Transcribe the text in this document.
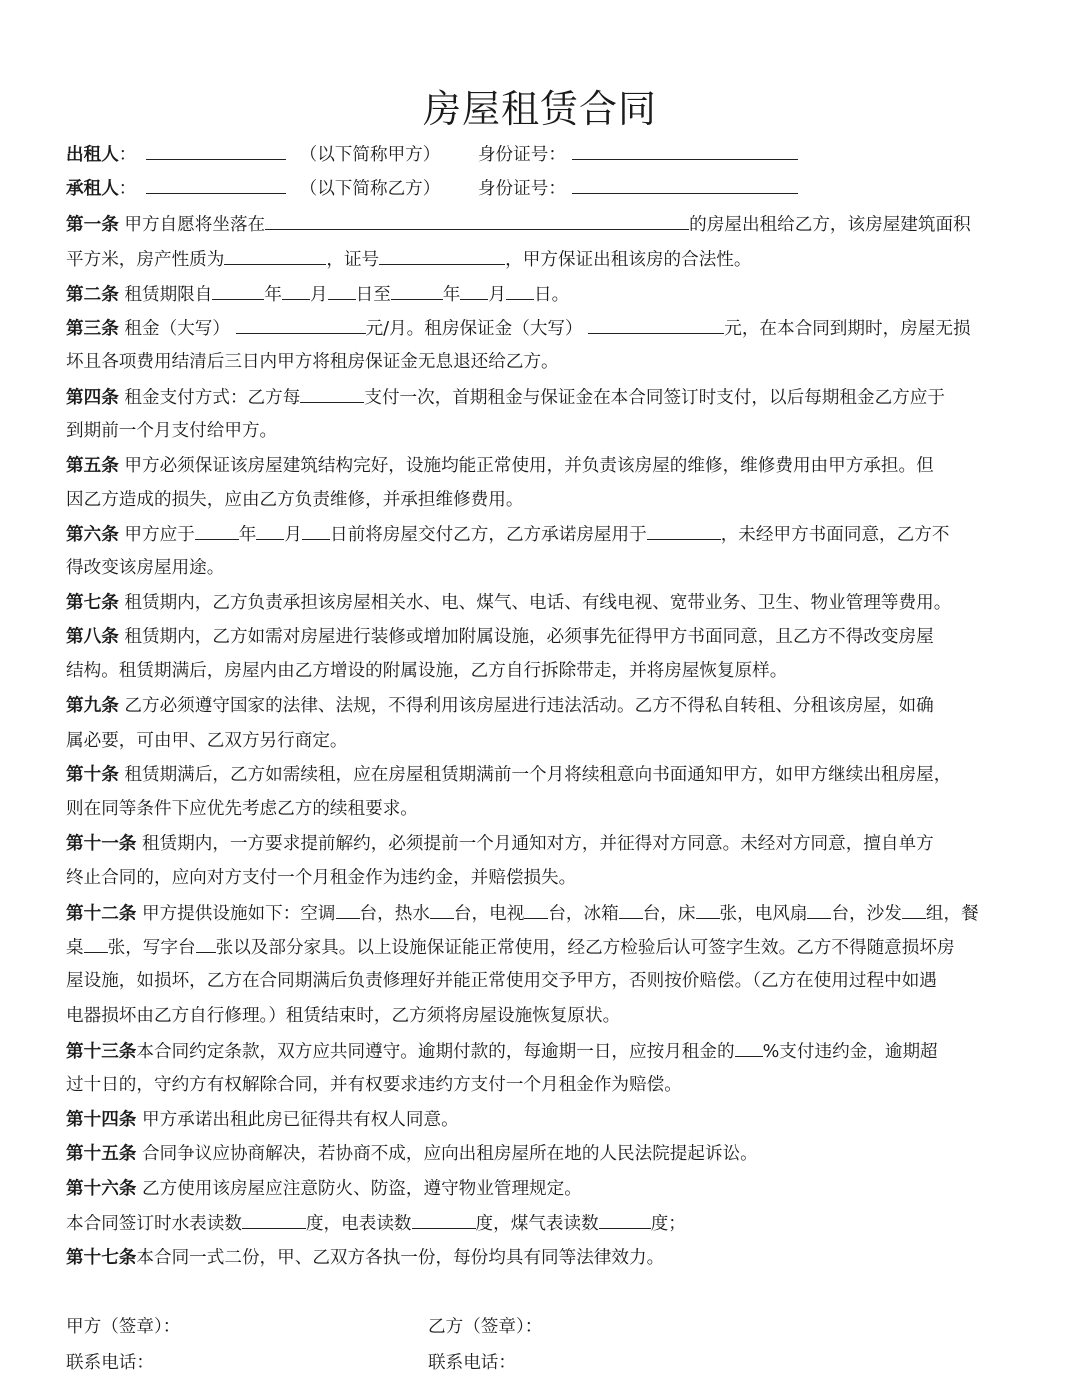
房屋租赁合同
出租人：	（以下简称甲方） 身份证号：
承租人：	（以下简称乙方） 身份证号：
第一条 甲方自愿将坐落在	的房屋出租给乙方，该房屋建筑面积
平方米，房产性质为	，证号	，甲方保证出租该房的合法性。
第二条 租赁期限自	年 月 日至	年 月 日。
第三条 租金（大写）	元/月。租房保证金（大写）	元，在本合同到期时，房屋无损
坏且各项费用结清后三日内甲方将租房保证金无息退还给乙方。
第四条 租金支付方式：乙方每	支付一次，首期租金与保证金在本合同签订时支付，以后每期租金乙方应于
到期前一个月支付给甲方。
第五条 甲方必须保证该房屋建筑结构完好，设施均能正常使用，并负责该房屋的维修，维修费用由甲方承担。但
因乙方造成的损失，应由乙方负责维修，并承担维修费用。
第六条 甲方应于	年 月 日前将房屋交付乙方，乙方承诺房屋用于	，未经甲方书面同意，乙方不
得改变该房屋用途。
第七条 租赁期内，乙方负责承担该房屋相关水、电、煤气、电话、有线电视、宽带业务、卫生、物业管理等费用。
第八条 租赁期内，乙方如需对房屋进行装修或增加附属设施，必须事先征得甲方书面同意，且乙方不得改变房屋
结构。租赁期满后，房屋内由乙方增设的附属设施，乙方自行拆除带走，并将房屋恢复原样。
第九条 乙方必须遵守国家的法律、法规，不得利用该房屋进行违法活动。乙方不得私自转租、分租该房屋，如确
属必要，可由甲、乙双方另行商定。
第十条 租赁期满后，乙方如需续租，应在房屋租赁期满前一个月将续租意向书面通知甲方，如甲方继续出租房屋，
则在同等条件下应优先考虑乙方的续租要求。
第十一条 租赁期内，一方要求提前解约，必须提前一个月通知对方，并征得对方同意。未经对方同意，擅自单方
终止合同的，应向对方支付一个月租金作为违约金，并赔偿损失。
第十二条 甲方提供设施如下：空调 台，热水 台，电视 台，冰箱 台，床 张，电风扇 台，沙发 组，餐
桌 张，写字台 张以及部分家具。以上设施保证能正常使用，经乙方检验后认可签字生效。乙方不得随意损坏房
屋设施，如损坏，乙方在合同期满后负责修理好并能正常使用交予甲方，否则按价赔偿。（乙方在使用过程中如遇
电器损坏由乙方自行修理。）租赁结束时，乙方须将房屋设施恢复原状。
第十三条本合同约定条款，双方应共同遵守。逾期付款的，每逾期一日，应按月租金的 %支付违约金，逾期超
过十日的，守约方有权解除合同，并有权要求违约方支付一个月租金作为赔偿。
第十四条 甲方承诺出租此房已征得共有权人同意。
第十五条 合同争议应协商解决，若协商不成，应向出租房屋所在地的人民法院提起诉讼。
第十六条 乙方使用该房屋应注意防火、防盗，遵守物业管理规定。
本合同签订时水表读数	度，电表读数	度，煤气表读数	度；
第十七条本合同一式二份，甲、乙双方各执一份，每份均具有同等法律效力。
甲方（签章）：	乙方（签章）：
联系电话：	联系电话：
